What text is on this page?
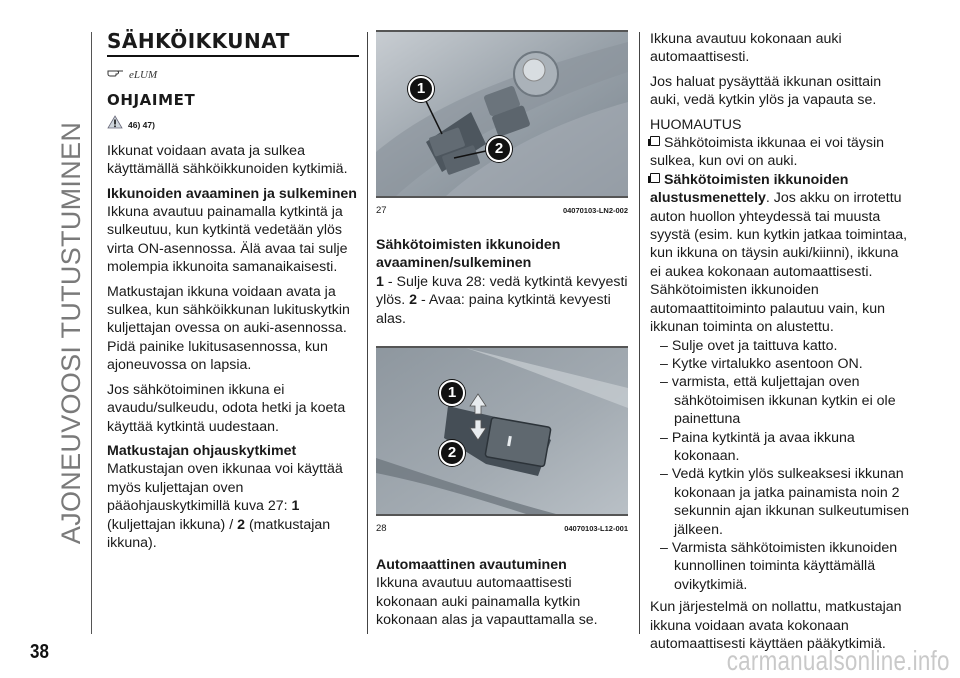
AJONEUVOOSI TUTUSTUMINEN
SÄHKÖIKKUNAT
eLUM
OHJAIMET
46) 47)

Ikkunat voidaan avata ja sulkea käyttämällä sähköikkunoiden kytkimiä.

Ikkunoiden avaaminen ja sulkeminen

Ikkuna avautuu painamalla kytkintä ja sulkeutuu, kun kytkintä vedetään ylös virta ON-asennossa. Älä avaa tai sulje molempia ikkunoita samanaikaisesti.

Matkustajan ikkuna voidaan avata ja sulkea, kun sähköikkunan lukituskytkin kuljettajan ovessa on auki-asennossa. Pidä painike lukitusasennossa, kun ajoneuvossa on lapsia.

Jos sähkötoiminen ikkuna ei avaudu/sulkeudu, odota hetki ja koeta käyttää kytkintä uudestaan.

Matkustajan ohjauskytkimet

Matkustajan oven ikkunaa voi käyttää myös kuljettajan oven pääohjauskytkimillä kuva 27: 1 (kuljettajan ikkuna) / 2 (matkustajan ikkuna).

1
2
27	04070103-LN2-002
Sähkötoimisten ikkunoiden avaaminen/sulkeminen

1 - Sulje kuva 28: vedä kytkintä kevyesti ylös. 2 - Avaa: paina kytkintä kevyesti alas.

1
2
28	04070103-L12-001
Automaattinen avautuminen

Ikkuna avautuu automaattisesti kokonaan auki painamalla kytkin kokonaan alas ja vapauttamalla se.

Ikkuna avautuu kokonaan auki automaattisesti.

Jos haluat pysäyttää ikkunan osittain auki, vedä kytkin ylös ja vapauta se.

HUOMAUTUS

Sähkötoimista ikkunaa ei voi täysin sulkea, kun ovi on auki.

Sähkötoimisten ikkunoiden alustusmenettely. Jos akku on irrotettu auton huollon yhteydessä tai muusta syystä (esim. kun kytkin jatkaa toimintaa, kun ikkuna on täysin auki/kiinni), ikkuna ei aukea kokonaan automaattisesti. Sähkötoimisten ikkunoiden automaattitoiminto palautuu vain, kun ikkunan toiminta on alustettu.

– Sulje ovet ja taittuva katto.
– Kytke virtalukko asentoon ON.
– varmista, että kuljettajan oven sähkötoimisen ikkunan kytkin ei ole painettuna
– Paina kytkintä ja avaa ikkuna kokonaan.
– Vedä kytkin ylös sulkeaksesi ikkunan kokonaan ja jatka painamista noin 2 sekunnin ajan ikkunan sulkeutumisen jälkeen.
– Varmista sähkötoimisten ikkunoiden kunnollinen toiminta käyttämällä ovikytkimiä.

Kun järjestelmä on nollattu, matkustajan ikkuna voidaan avata kokonaan automaattisesti käyttäen pääkytkimiä.

38	carmanualsonline.info
